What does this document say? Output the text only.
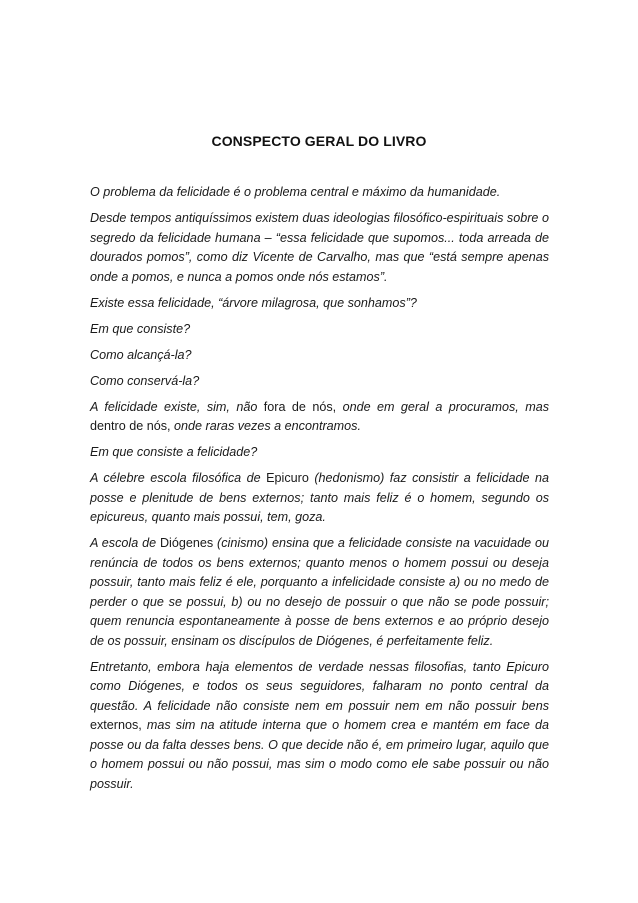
CONSPECTO GERAL DO LIVRO

O problema da felicidade é o problema central e máximo da humanidade.

Desde tempos antiquíssimos existem duas ideologias filosófico-espirituais sobre o segredo da felicidade humana – “essa felicidade que supomos... toda arreada de dourados pomos”, como diz Vicente de Carvalho, mas que “está sempre apenas onde a pomos, e nunca a pomos onde nós estamos”.

Existe essa felicidade, “árvore milagrosa, que sonhamos”?

Em que consiste?

Como alcançá-la?

Como conservá-la?

A felicidade existe, sim, não fora de nós, onde em geral a procuramos, mas dentro de nós, onde raras vezes a encontramos.

Em que consiste a felicidade?

A célebre escola filosófica de Epicuro (hedonismo) faz consistir a felicidade na posse e plenitude de bens externos; tanto mais feliz é o homem, segundo os epicureus, quanto mais possui, tem, goza.

A escola de Diógenes (cinismo) ensina que a felicidade consiste na vacuidade ou renúncia de todos os bens externos; quanto menos o homem possui ou deseja possuir, tanto mais feliz é ele, porquanto a infelicidade consiste a) ou no medo de perder o que se possui, b) ou no desejo de possuir o que não se pode possuir; quem renuncia espontaneamente à posse de bens externos e ao próprio desejo de os possuir, ensinam os discípulos de Diógenes, é perfeitamente feliz.

Entretanto, embora haja elementos de verdade nessas filosofias, tanto Epicuro como Diógenes, e todos os seus seguidores, falharam no ponto central da questão. A felicidade não consiste nem em possuir nem em não possuir bens externos, mas sim na atitude interna que o homem crea e mantém em face da posse ou da falta desses bens. O que decide não é, em primeiro lugar, aquilo que o homem possui ou não possui, mas sim o modo como ele sabe possuir ou não possuir.
